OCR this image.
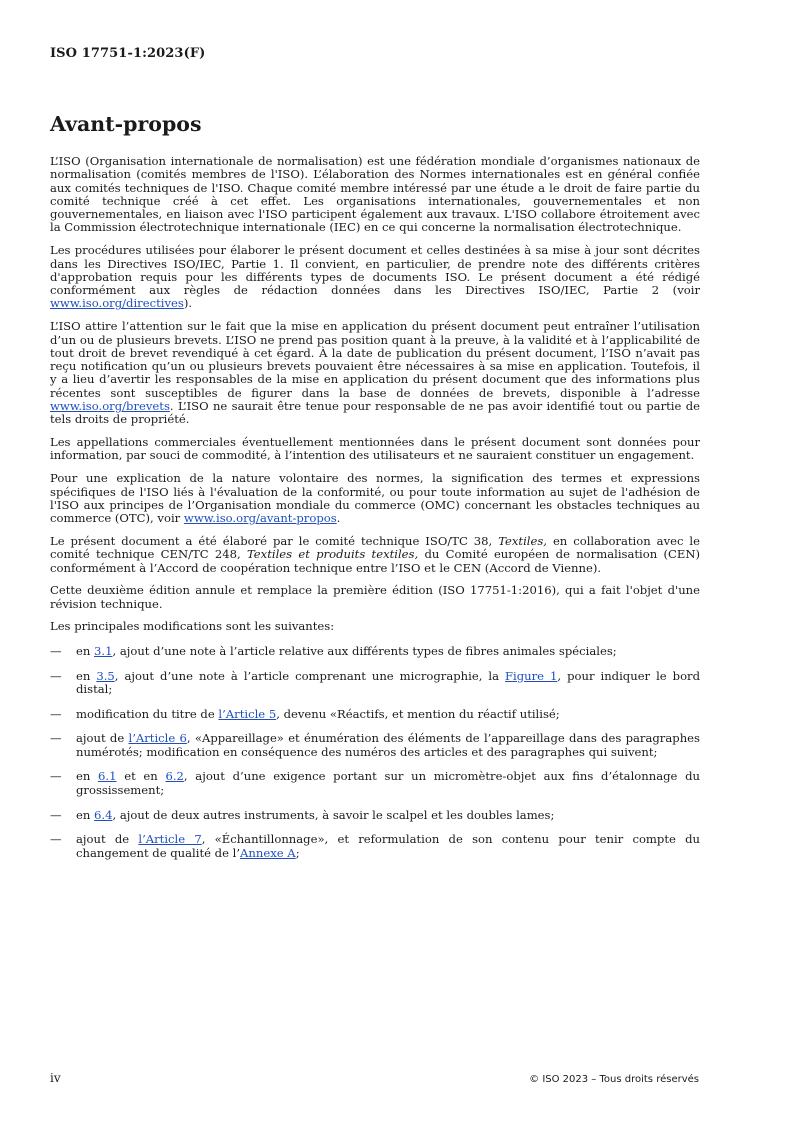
ISO 17751-1:2023(F)
Avant-propos

L’ISO (Organisation internationale de normalisation) est une fédération mondiale d’organismes nationaux de normalisation (comités membres de l'ISO). L’élaboration des Normes internationales est en général confiée aux comités techniques de l'ISO. Chaque comité membre intéressé par une étude a le droit de faire partie du comité technique créé à cet effet. Les organisations internationales, gouvernementales et non gouvernementales, en liaison avec l'ISO participent également aux travaux. L'ISO collabore étroitement avec la Commission électrotechnique internationale (IEC) en ce qui concerne la normalisation électrotechnique.

Les procédures utilisées pour élaborer le présent document et celles destinées à sa mise à jour sont décrites dans les Directives ISO/IEC, Partie 1. Il convient, en particulier, de prendre note des différents critères d'approbation requis pour les différents types de documents ISO. Le présent document a été rédigé conformément aux règles de rédaction données dans les Directives ISO/IEC, Partie 2 (voir www.iso.org/directives).

L’ISO attire l’attention sur le fait que la mise en application du présent document peut entraîner l’utilisation d’un ou de plusieurs brevets. L’ISO ne prend pas position quant à la preuve, à la validité et à l’applicabilité de tout droit de brevet revendiqué à cet égard. À la date de publication du présent document, l’ISO n’avait pas reçu notification qu’un ou plusieurs brevets pouvaient être nécessaires à sa mise en application. Toutefois, il y a lieu d’avertir les responsables de la mise en application du présent document que des informations plus récentes sont susceptibles de figurer dans la base de données de brevets, disponible à l’adresse www.iso.org/brevets. L’ISO ne saurait être tenue pour responsable de ne pas avoir identifié tout ou partie de tels droits de propriété.

Les appellations commerciales éventuellement mentionnées dans le présent document sont données pour information, par souci de commodité, à l’intention des utilisateurs et ne sauraient constituer un engagement.

Pour une explication de la nature volontaire des normes, la signification des termes et expressions spécifiques de l'ISO liés à l'évaluation de la conformité, ou pour toute information au sujet de l'adhésion de l'ISO aux principes de l’Organisation mondiale du commerce (OMC) concernant les obstacles techniques au commerce (OTC), voir www.iso.org/avant-propos.

Le présent document a été élaboré par le comité technique ISO/TC 38, Textiles, en collaboration avec le comité technique CEN/TC 248, Textiles et produits textiles, du Comité européen de normalisation (CEN) conformément à l’Accord de coopération technique entre l’ISO et le CEN (Accord de Vienne).

Cette deuxième édition annule et remplace la première édition (ISO 17751-1:2016), qui a fait l'objet d'une révision technique.

Les principales modifications sont les suivantes:

— en 3.1, ajout d’une note à l’article relative aux différents types de fibres animales spéciales;
— en 3.5, ajout d’une note à l’article comprenant une micrographie, la Figure 1, pour indiquer le bord distal;
— modification du titre de l’Article 5, devenu «Réactifs, et mention du réactif utilisé;
— ajout de l’Article 6, «Appareillage» et énumération des éléments de l’appareillage dans des paragraphes numérotés; modification en conséquence des numéros des articles et des paragraphes qui suivent;
— en 6.1 et en 6.2, ajout d’une exigence portant sur un micromètre-objet aux fins d’étalonnage du grossissement;
— en 6.4, ajout de deux autres instruments, à savoir le scalpel et les doubles lames;
— ajout de l’Article 7, «Échantillonnage», et reformulation de son contenu pour tenir compte du changement de qualité de l’Annexe A;
iv	© ISO 2023 – Tous droits réservés
